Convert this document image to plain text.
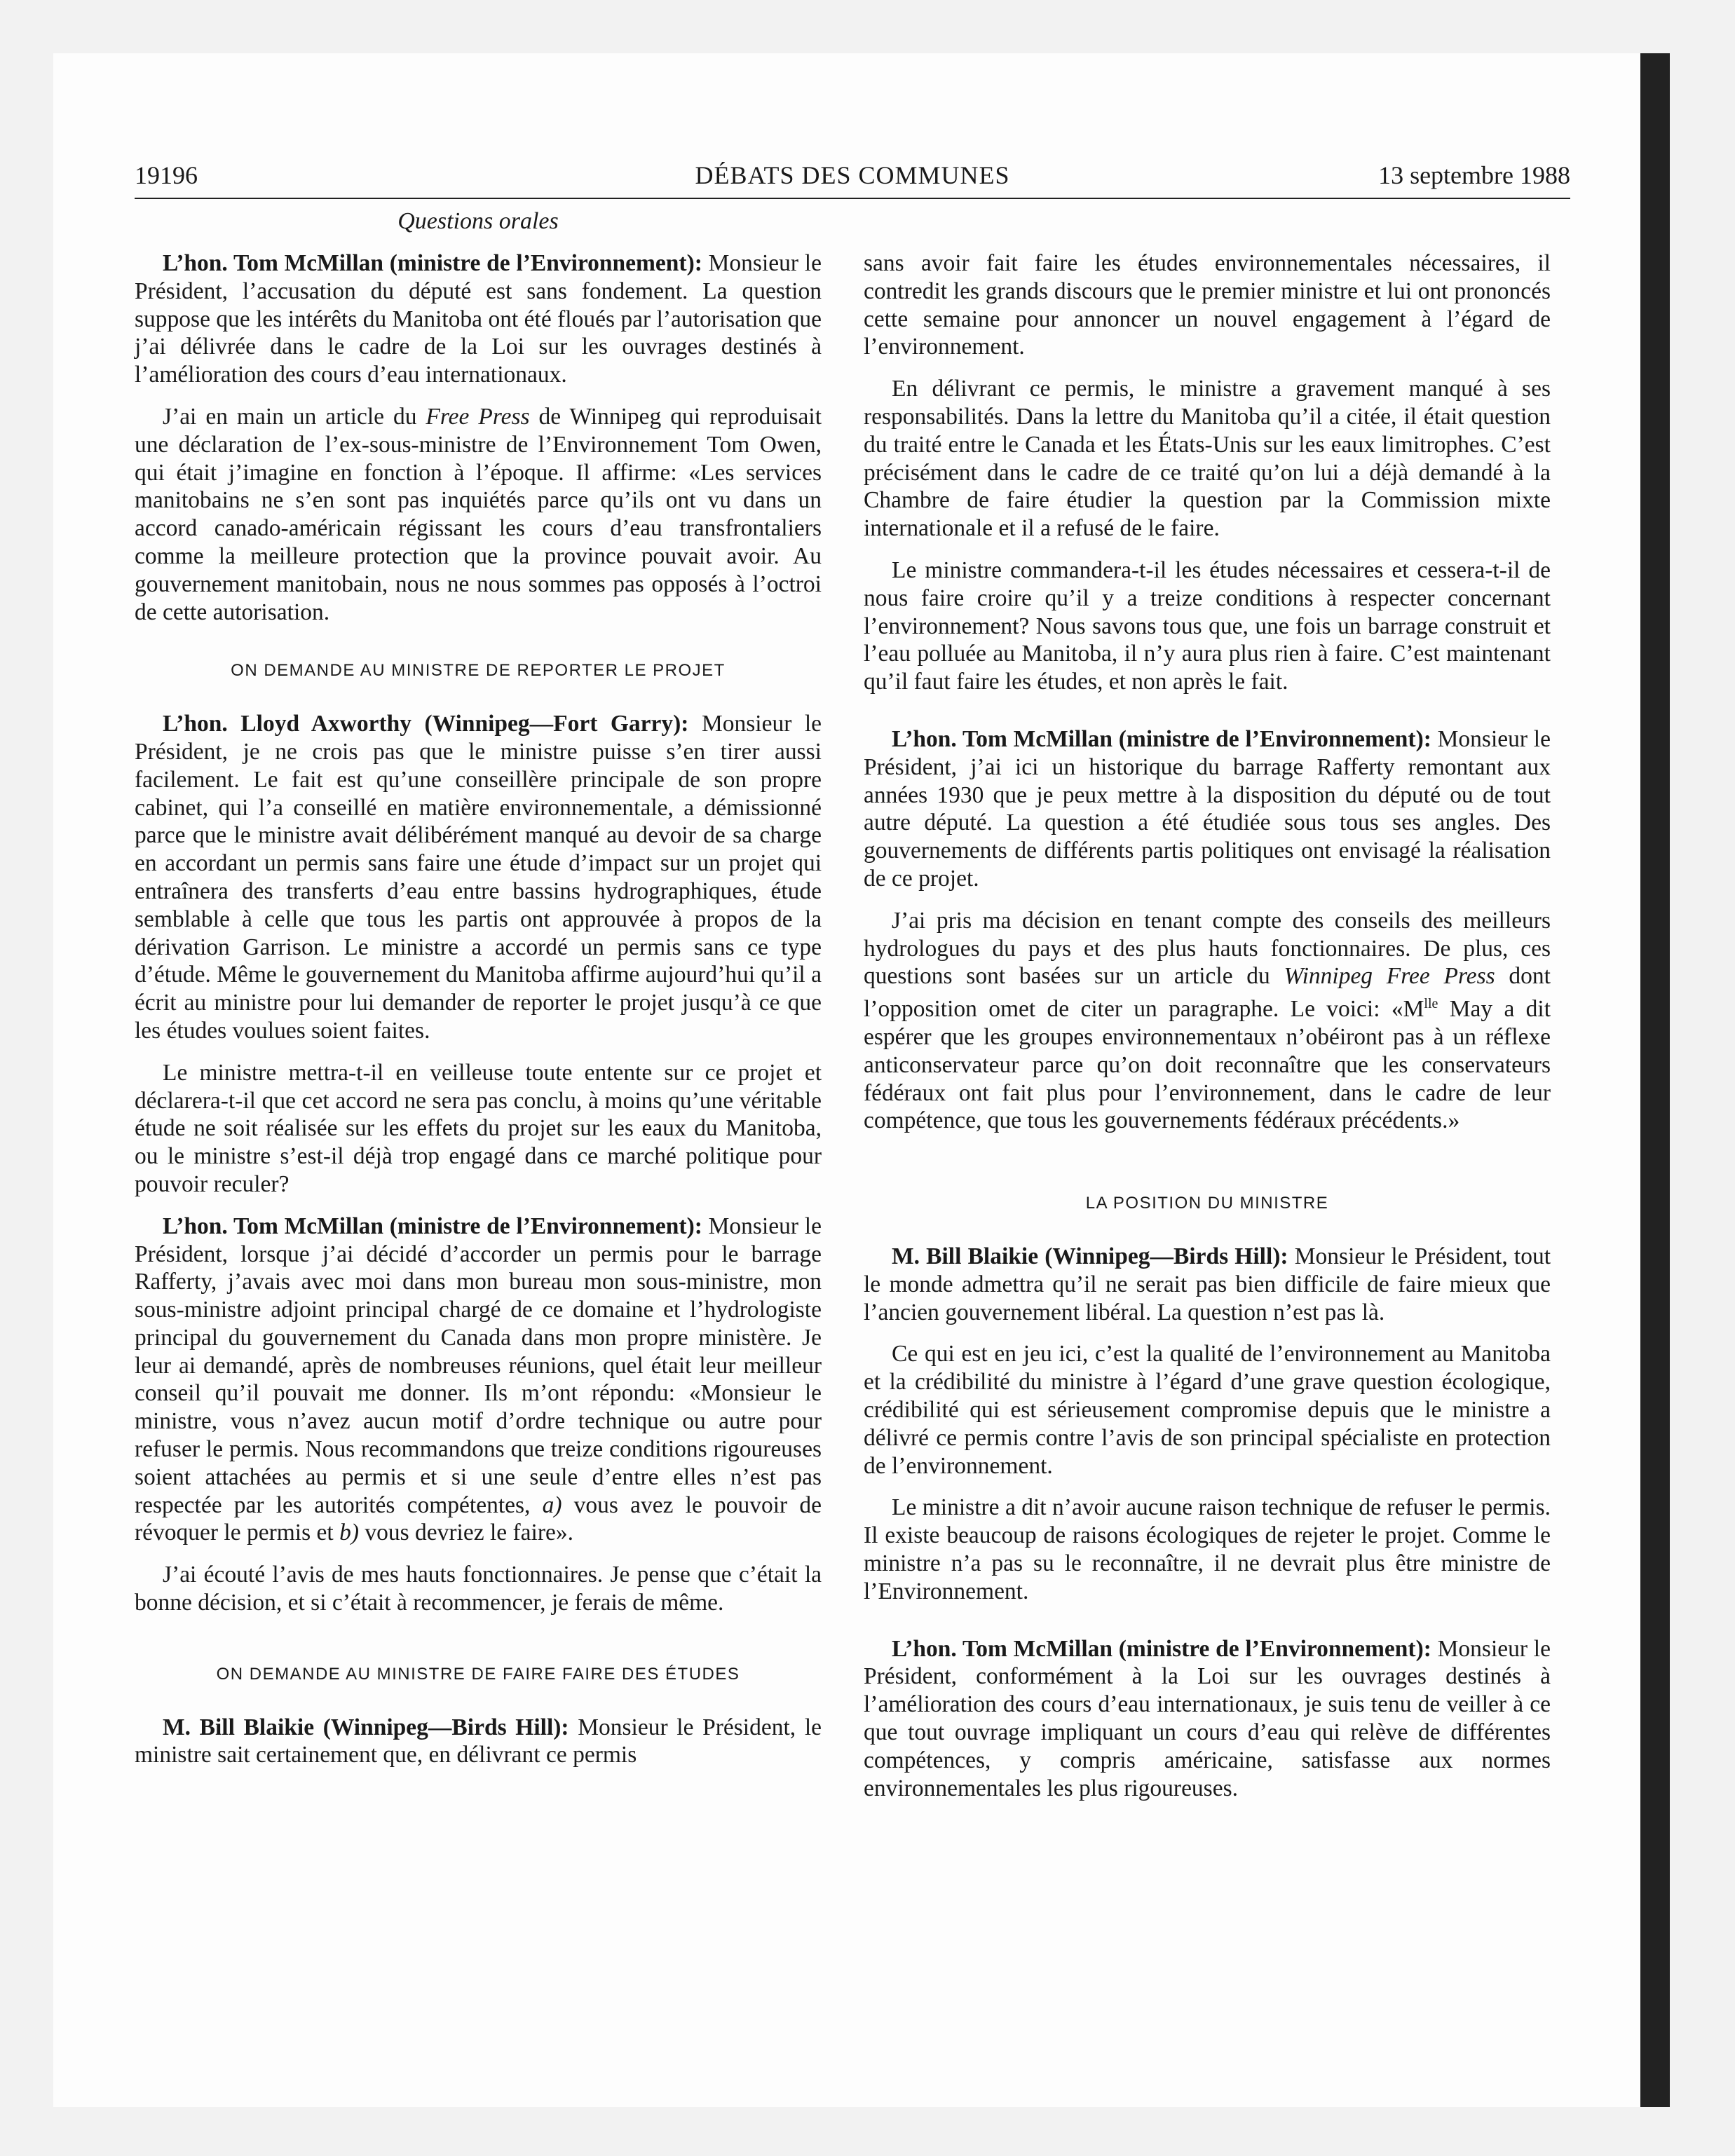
19196	DÉBATS DES COMMUNES	13 septembre 1988
Questions orales

L’hon. Tom McMillan (ministre de l’Environnement): Monsieur le Président, l’accusation du député est sans fondement. La question suppose que les intérêts du Manitoba ont été floués par l’autorisation que j’ai délivrée dans le cadre de la Loi sur les ouvrages destinés à l’amélioration des cours d’eau internationaux.

J’ai en main un article du Free Press de Winnipeg qui reproduisait une déclaration de l’ex-sous-ministre de l’Environnement Tom Owen, qui était j’imagine en fonction à l’époque. Il affirme: «Les services manitobains ne s’en sont pas inquiétés parce qu’ils ont vu dans un accord canado-américain régissant les cours d’eau transfrontaliers comme la meilleure protection que la province pouvait avoir. Au gouvernement manitobain, nous ne nous sommes pas opposés à l’octroi de cette autorisation.

ON DEMANDE AU MINISTRE DE REPORTER LE PROJET

L’hon. Lloyd Axworthy (Winnipeg—Fort Garry): Monsieur le Président, je ne crois pas que le ministre puisse s’en tirer aussi facilement. Le fait est qu’une conseillère principale de son propre cabinet, qui l’a conseillé en matière environnementale, a démissionné parce que le ministre avait délibérément manqué au devoir de sa charge en accordant un permis sans faire une étude d’impact sur un projet qui entraînera des transferts d’eau entre bassins hydrographiques, étude semblable à celle que tous les partis ont approuvée à propos de la dérivation Garrison. Le ministre a accordé un permis sans ce type d’étude. Même le gouvernement du Manitoba affirme aujourd’hui qu’il a écrit au ministre pour lui demander de reporter le projet jusqu’à ce que les études voulues soient faites.

Le ministre mettra-t-il en veilleuse toute entente sur ce projet et déclarera-t-il que cet accord ne sera pas conclu, à moins qu’une véritable étude ne soit réalisée sur les effets du projet sur les eaux du Manitoba, ou le ministre s’est-il déjà trop engagé dans ce marché politique pour pouvoir reculer?

L’hon. Tom McMillan (ministre de l’Environnement): Monsieur le Président, lorsque j’ai décidé d’accorder un permis pour le barrage Rafferty, j’avais avec moi dans mon bureau mon sous-ministre, mon sous-ministre adjoint principal chargé de ce domaine et l’hydrologiste principal du gouvernement du Canada dans mon propre ministère. Je leur ai demandé, après de nombreuses réunions, quel était leur meilleur conseil qu’il pouvait me donner. Ils m’ont répondu: «Monsieur le ministre, vous n’avez aucun motif d’ordre technique ou autre pour refuser le permis. Nous recommandons que treize conditions rigoureuses soient attachées au permis et si une seule d’entre elles n’est pas respectée par les autorités compétentes, a) vous avez le pouvoir de révoquer le permis et b) vous devriez le faire».

J’ai écouté l’avis de mes hauts fonctionnaires. Je pense que c’était la bonne décision, et si c’était à recommencer, je ferais de même.

ON DEMANDE AU MINISTRE DE FAIRE FAIRE DES ÉTUDES

M. Bill Blaikie (Winnipeg—Birds Hill): Monsieur le Président, le ministre sait certainement que, en délivrant ce permis

sans avoir fait faire les études environnementales nécessaires, il contredit les grands discours que le premier ministre et lui ont prononcés cette semaine pour annoncer un nouvel engagement à l’égard de l’environnement.

En délivrant ce permis, le ministre a gravement manqué à ses responsabilités. Dans la lettre du Manitoba qu’il a citée, il était question du traité entre le Canada et les États-Unis sur les eaux limitrophes. C’est précisément dans le cadre de ce traité qu’on lui a déjà demandé à la Chambre de faire étudier la question par la Commission mixte internationale et il a refusé de le faire.

Le ministre commandera-t-il les études nécessaires et cessera-t-il de nous faire croire qu’il y a treize conditions à respecter concernant l’environnement? Nous savons tous que, une fois un barrage construit et l’eau polluée au Manitoba, il n’y aura plus rien à faire. C’est maintenant qu’il faut faire les études, et non après le fait.

L’hon. Tom McMillan (ministre de l’Environnement): Monsieur le Président, j’ai ici un historique du barrage Rafferty remontant aux années 1930 que je peux mettre à la disposition du député ou de tout autre député. La question a été étudiée sous tous ses angles. Des gouvernements de différents partis politiques ont envisagé la réalisation de ce projet.

J’ai pris ma décision en tenant compte des conseils des meilleurs hydrologues du pays et des plus hauts fonctionnaires. De plus, ces questions sont basées sur un article du Winnipeg Free Press dont l’opposition omet de citer un paragraphe. Le voici: «$M^{lle}$ May a dit espérer que les groupes environnementaux n’obéiront pas à un réflexe anticonservateur parce qu’on doit reconnaître que les conservateurs fédéraux ont fait plus pour l’environnement, dans le cadre de leur compétence, que tous les gouvernements fédéraux précédents.»

LA POSITION DU MINISTRE

M. Bill Blaikie (Winnipeg—Birds Hill): Monsieur le Président, tout le monde admettra qu’il ne serait pas bien difficile de faire mieux que l’ancien gouvernement libéral. La question n’est pas là.

Ce qui est en jeu ici, c’est la qualité de l’environnement au Manitoba et la crédibilité du ministre à l’égard d’une grave question écologique, crédibilité qui est sérieusement compromise depuis que le ministre a délivré ce permis contre l’avis de son principal spécialiste en protection de l’environnement.

Le ministre a dit n’avoir aucune raison technique de refuser le permis. Il existe beaucoup de raisons écologiques de rejeter le projet. Comme le ministre n’a pas su le reconnaître, il ne devrait plus être ministre de l’Environnement.

L’hon. Tom McMillan (ministre de l’Environnement): Monsieur le Président, conformément à la Loi sur les ouvrages destinés à l’amélioration des cours d’eau internationaux, je suis tenu de veiller à ce que tout ouvrage impliquant un cours d’eau qui relève de différentes compétences, y compris américaine, satisfasse aux normes environnementales les plus rigoureuses.
